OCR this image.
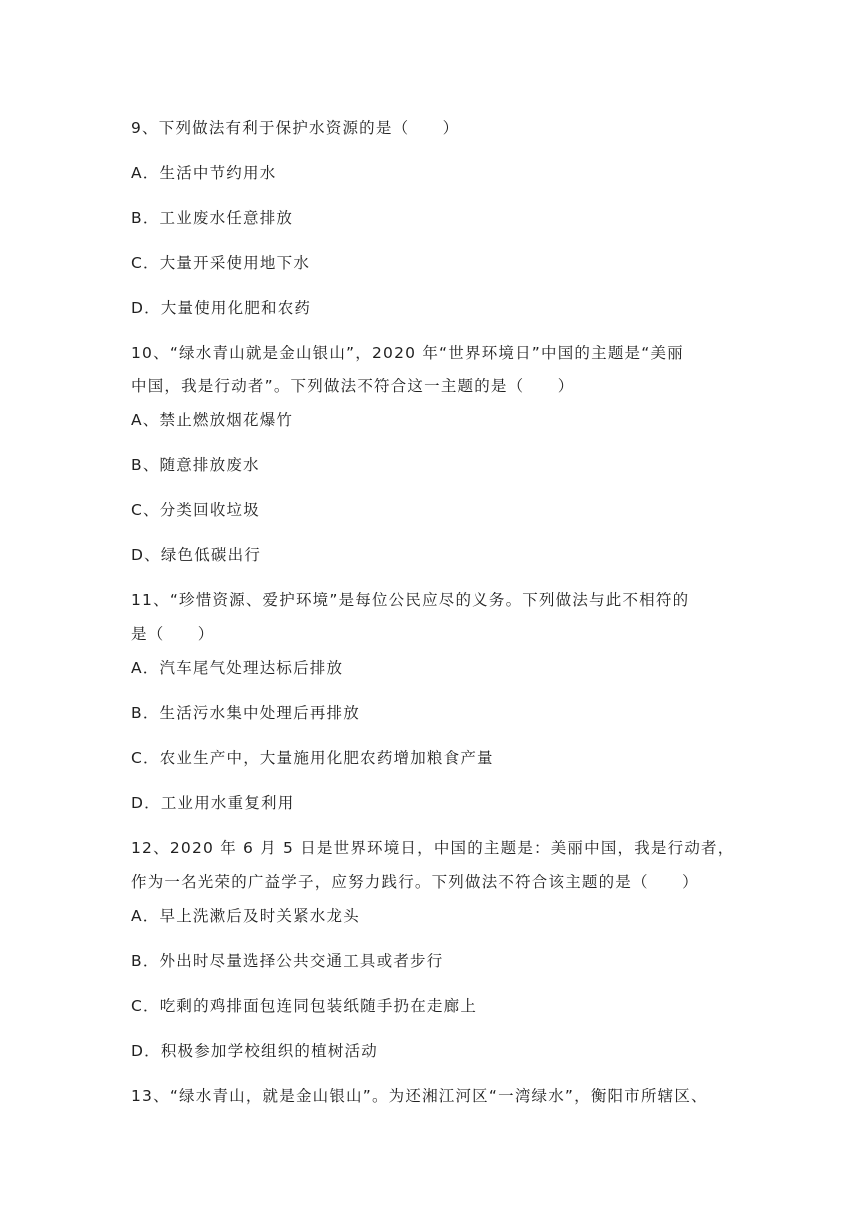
9、下列做法有利于保护水资源的是（　　）
A．生活中节约用水
B．工业废水任意排放
C．大量开采使用地下水
D．大量使用化肥和农药
10、“绿水青山就是金山银山”，2020 年“世界环境日”中国的主题是“美丽
中国，我是行动者”。下列做法不符合这一主题的是（　　）
A、禁止燃放烟花爆竹
B、随意排放废水
C、分类回收垃圾
D、绿色低碳出行
11、“珍惜资源、爱护环境”是每位公民应尽的义务。下列做法与此不相符的
是（　　）
A．汽车尾气处理达标后排放
B．生活污水集中处理后再排放
C．农业生产中，大量施用化肥农药增加粮食产量
D．工业用水重复利用
12、2020 年 6 月 5 日是世界环境日，中国的主题是：美丽中国，我是行动者，
作为一名光荣的广益学子，应努力践行。下列做法不符合该主题的是（　　）
A．早上洗漱后及时关紧水龙头
B．外出时尽量选择公共交通工具或者步行
C．吃剩的鸡排面包连同包装纸随手扔在走廊上
D．积极参加学校组织的植树活动
13、“绿水青山，就是金山银山”。为还湘江河区“一湾绿水”，衡阳市所辖区、
